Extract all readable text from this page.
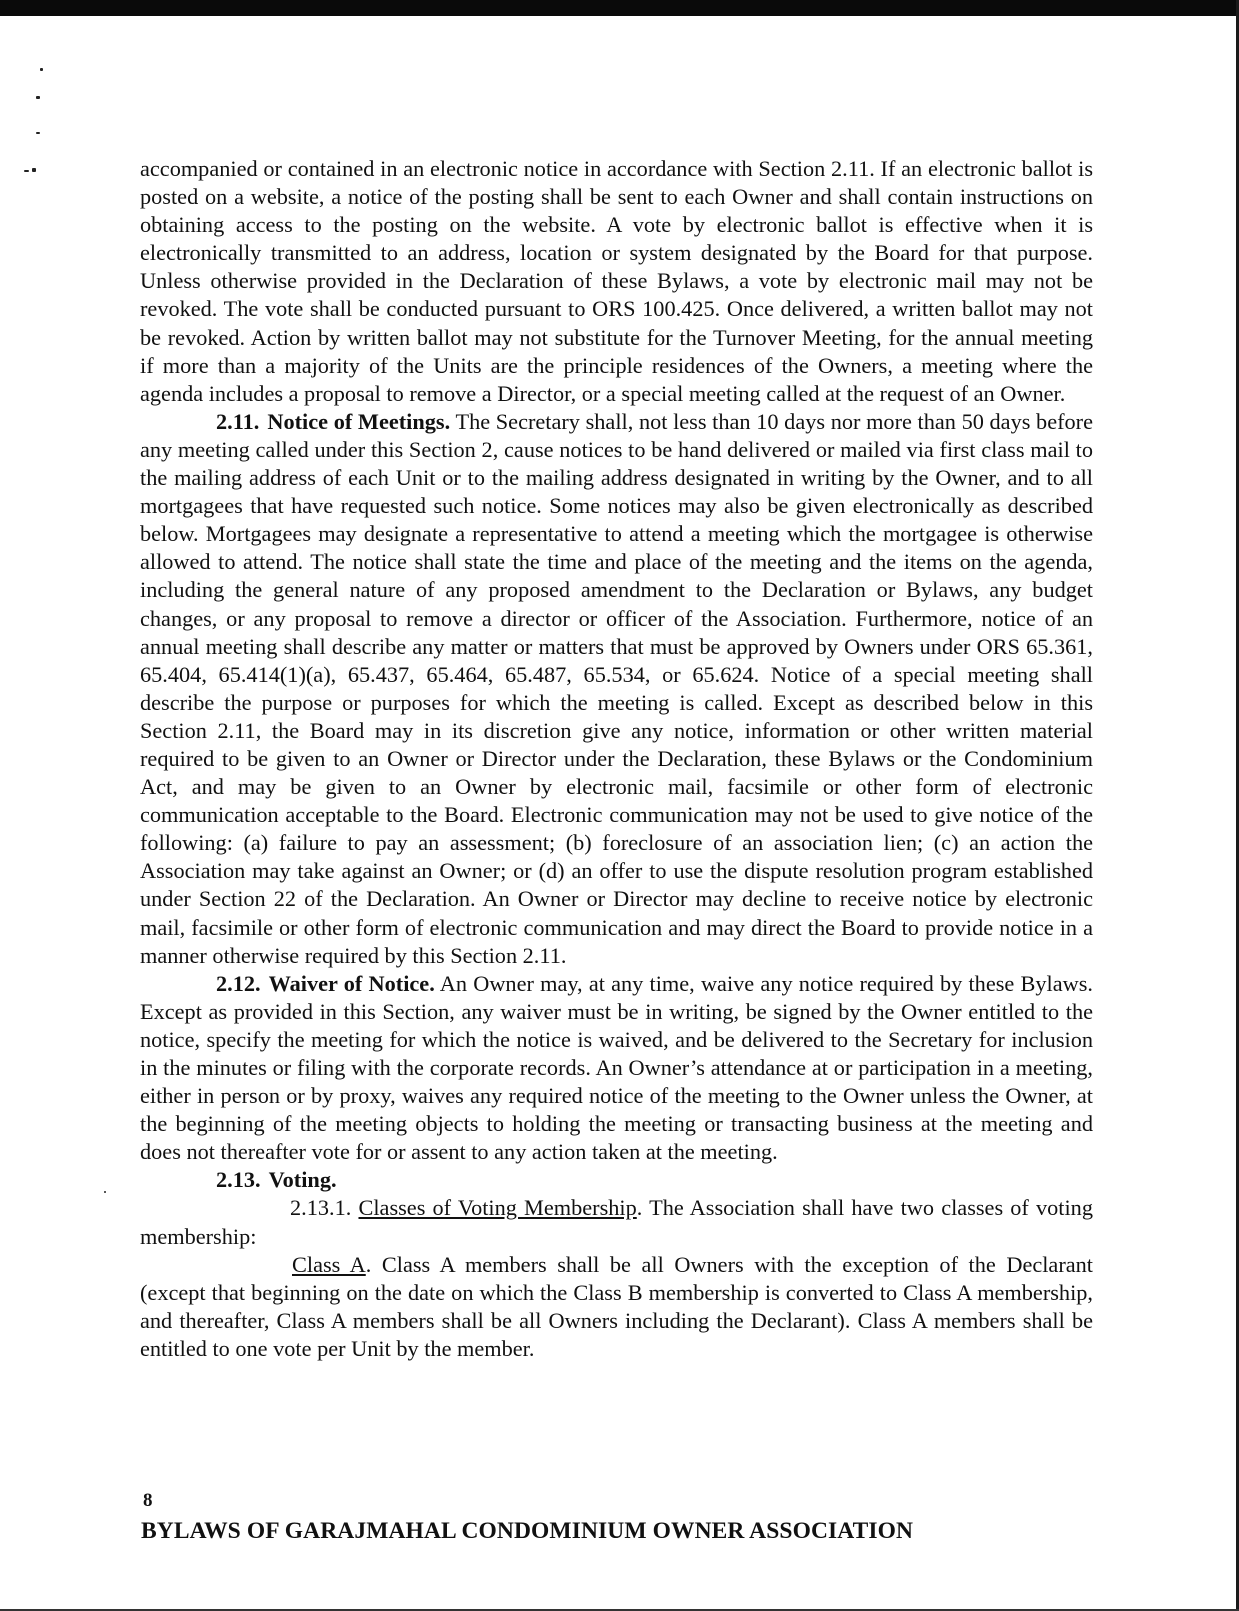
accompanied or contained in an electronic notice in accordance with Section 2.11. If an electronic ballot is posted on a website, a notice of the posting shall be sent to each Owner and shall contain instructions on obtaining access to the posting on the website. A vote by electronic ballot is effective when it is electronically transmitted to an address, location or system designated by the Board for that purpose. Unless otherwise provided in the Declaration of these Bylaws, a vote by electronic mail may not be revoked. The vote shall be conducted pursuant to ORS 100.425. Once delivered, a written ballot may not be revoked. Action by written ballot may not substitute for the Turnover Meeting, for the annual meeting if more than a majority of the Units are the principle residences of the Owners, a meeting where the agenda includes a proposal to remove a Director, or a special meeting called at the request of an Owner.

2.11. Notice of Meetings. The Secretary shall, not less than 10 days nor more than 50 days before any meeting called under this Section 2, cause notices to be hand delivered or mailed via first class mail to the mailing address of each Unit or to the mailing address designated in writing by the Owner, and to all mortgagees that have requested such notice. Some notices may also be given electronically as described below. Mortgagees may designate a representative to attend a meeting which the mortgagee is otherwise allowed to attend. The notice shall state the time and place of the meeting and the items on the agenda, including the general nature of any proposed amendment to the Declaration or Bylaws, any budget changes, or any proposal to remove a director or officer of the Association. Furthermore, notice of an annual meeting shall describe any matter or matters that must be approved by Owners under ORS 65.361, 65.404, 65.414(1)(a), 65.437, 65.464, 65.487, 65.534, or 65.624. Notice of a special meeting shall describe the purpose or purposes for which the meeting is called. Except as described below in this Section 2.11, the Board may in its discretion give any notice, information or other written material required to be given to an Owner or Director under the Declaration, these Bylaws or the Condominium Act, and may be given to an Owner by electronic mail, facsimile or other form of electronic communication acceptable to the Board. Electronic communication may not be used to give notice of the following: (a) failure to pay an assessment; (b) foreclosure of an association lien; (c) an action the Association may take against an Owner; or (d) an offer to use the dispute resolution program established under Section 22 of the Declaration. An Owner or Director may decline to receive notice by electronic mail, facsimile or other form of electronic communication and may direct the Board to provide notice in a manner otherwise required by this Section 2.11.

2.12. Waiver of Notice. An Owner may, at any time, waive any notice required by these Bylaws. Except as provided in this Section, any waiver must be in writing, be signed by the Owner entitled to the notice, specify the meeting for which the notice is waived, and be delivered to the Secretary for inclusion in the minutes or filing with the corporate records. An Owner’s attendance at or participation in a meeting, either in person or by proxy, waives any required notice of the meeting to the Owner unless the Owner, at the beginning of the meeting objects to holding the meeting or transacting business at the meeting and does not thereafter vote for or assent to any action taken at the meeting.

2.13. Voting.

2.13.1. Classes of Voting Membership. The Association shall have two classes of voting membership:

Class A. Class A members shall be all Owners with the exception of the Declarant (except that beginning on the date on which the Class B membership is converted to Class A membership, and thereafter, Class A members shall be all Owners including the Declarant). Class A members shall be entitled to one vote per Unit by the member.

8
BYLAWS OF GARAJMAHAL CONDOMINIUM OWNER ASSOCIATION
